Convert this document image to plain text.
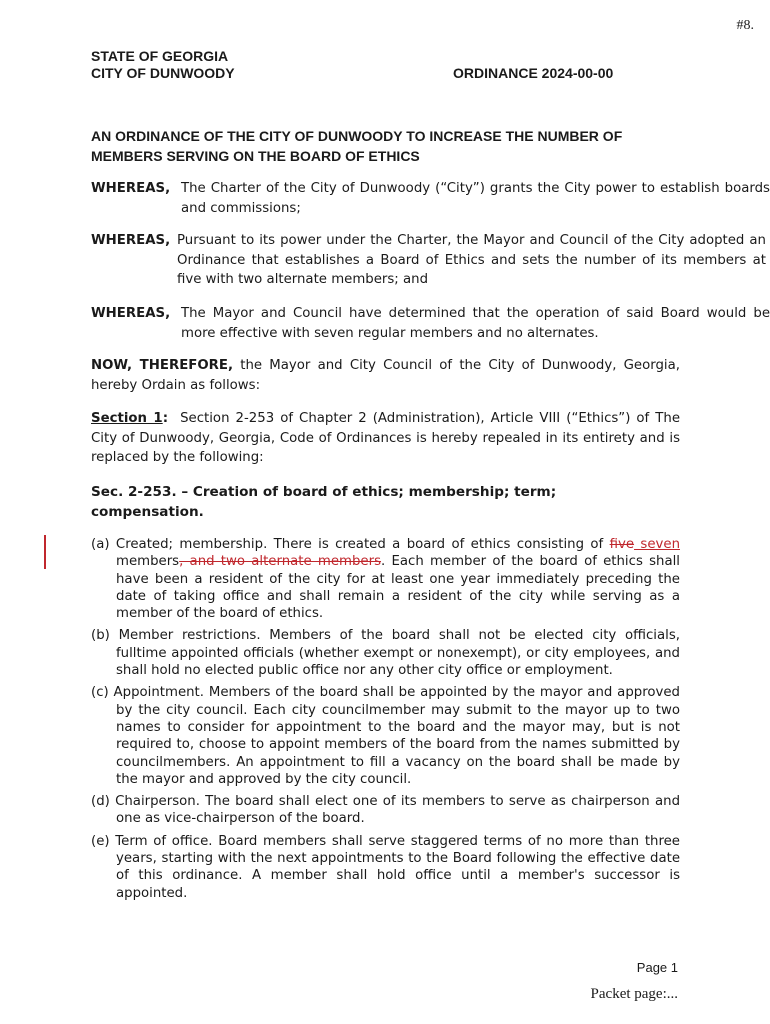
#8.
STATE OF GEORGIA
CITY OF DUNWOODY	ORDINANCE 2024-00-00
AN ORDINANCE OF THE CITY OF DUNWOODY TO INCREASE THE NUMBER OF MEMBERS SERVING ON THE BOARD OF ETHICS
WHEREAS, The Charter of the City of Dunwoody (“City”) grants the City power to establish boards and commissions;
WHEREAS, Pursuant to its power under the Charter, the Mayor and Council of the City adopted an Ordinance that establishes a Board of Ethics and sets the number of its members at five with two alternate members; and
WHEREAS, The Mayor and Council have determined that the operation of said Board would be more effective with seven regular members and no alternates.
NOW, THEREFORE, the Mayor and City Council of the City of Dunwoody, Georgia, hereby Ordain as follows:
Section 1: Section 2-253 of Chapter 2 (Administration), Article VIII (“Ethics”) of The City of Dunwoody, Georgia, Code of Ordinances is hereby repealed in its entirety and is replaced by the following:
Sec. 2-253. – Creation of board of ethics; membership; term; compensation.

(a) Created; membership. There is created a board of ethics consisting of five seven members, and two alternate members. Each member of the board of ethics shall have been a resident of the city for at least one year immediately preceding the date of taking office and shall remain a resident of the city while serving as a member of the board of ethics.

(b) Member restrictions. Members of the board shall not be elected city officials, fulltime appointed officials (whether exempt or nonexempt), or city employees, and shall hold no elected public office nor any other city office or employment.

(c) Appointment. Members of the board shall be appointed by the mayor and approved by the city council. Each city councilmember may submit to the mayor up to two names to consider for appointment to the board and the mayor may, but is not required to, choose to appoint members of the board from the names submitted by councilmembers. An appointment to fill a vacancy on the board shall be made by the mayor and approved by the city council.

(d) Chairperson. The board shall elect one of its members to serve as chairperson and one as vice-chairperson of the board.

(e) Term of office. Board members shall serve staggered terms of no more than three years, starting with the next appointments to the Board following the effective date of this ordinance. A member shall hold office until a member's successor is appointed.

Page 1
Packet page:...
